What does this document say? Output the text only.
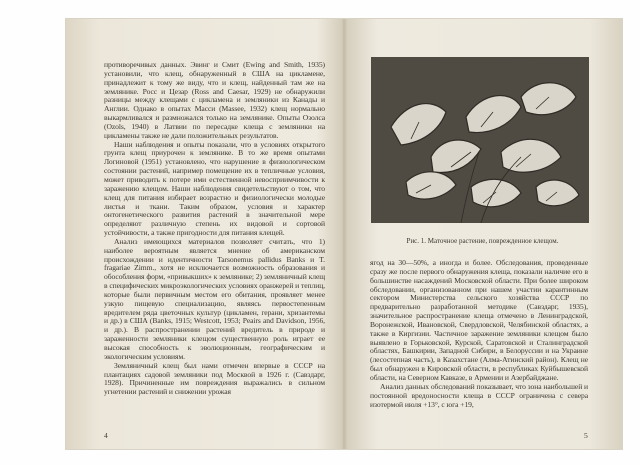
противоречивых данных. Эвинг и Смит (Ewing and Smith, 1935) установили, что клещ, обнаруженный в США на цикламене, принадлежит к тому же виду, что и клещ, найденный там же на землянике. Росс и Цезар (Ross and Caesar, 1929) не обнаружили разницы между клещами с цикламена и земляники из Канады и Англии. Однако в опытах Масси (Massee, 1932) клещ нормально выкармливался и размножался только на землянике. Опыты Озолса (Ozols, 1940) в Латвии по пересадке клеща с земляники на цикламены также не дали положительных результатов.

Наши наблюдения и опыты показали, что в условиях открытого грунта клещ приурочен к землянике. В то же время опытами Логиновой (1951) установлено, что нарушение в физиологическом состоянии растений, например помещение их в тепличные условия, может приводить к потере ими естественной невосприимчивости к заражению клещом. Наши наблюдения свидетельствуют о том, что клещ для питания избирает возрастно и физиологически молодые листья и ткани. Таким образом, условия и характер онтогенетического развития растений в значительной мере определяют различную степень их видовой и сортовой устойчивости, а также пригодности для питания клещей.

Анализ имеющихся материалов позволяет считать, что 1) наиболее вероятным является мнение об американском происхождении и идентичности Tarsonemus pallidus Banks и T. fragariae Zimm., хотя не исключается возможность образования и обособления форм, «привыкших» к землянике; 2) земляничный клещ в специфических микроэкологических условиях оранжерей и теплиц, которые были первичным местом его обитания, проявляет менее узкую пищевую специализацию, являясь первостепенным вредителем ряда цветочных культур (цикламен, герани, хризантемы и др.) в США (Banks, 1915; Westcott, 1953; Peairs and Davidson, 1956, и др.). В распространении растений вредитель в природе и зараженности земляники клещом существенную роль играет ее высокая способность к эволюционным, географическим и экологическим условиям.

Земляничный клещ был нами отмечен впервые в СССР на плантациях садовой земляники под Москвой в 1926 г. (Савздарг, 1928). Причиненные им повреждения выражались в сильном угнетении растений и снижении урожая

4
Рис. 1. Маточное растение, поврежденное клещом.

ягод на 30—50%, а иногда и более. Обследования, проведенные сразу же после первого обнаружения клеща, показали наличие его в большинстве насаждений Московской области. При более широком обследовании, организованном при нашем участии карантинным сектором Министерства сельского хозяйства СССР по предварительно разработанной методике (Савздарг, 1935), значительное распространение клеща отмечено в Ленинградской, Воронежской, Ивановской, Свердловской, Челябинской областях, а также в Киргизии. Частичное заражение земляники клещом было выявлено в Горьковской, Курской, Саратовской и Сталинградской областях, Башкирии, Западной Сибири, в Белоруссии и на Украине (лесостепная часть), в Казахстане (Алма-Атинский район). Клещ не был обнаружен в Кировской области, в республиках Куйбышевской области, на Северном Кавказе, в Армении и Азербайджане.

Анализ данных обследований показывает, что зона наибольшей и постоянной вредоносности клеща в СССР ограничена с севера изотермой июля +13°, с юга +19,

5
